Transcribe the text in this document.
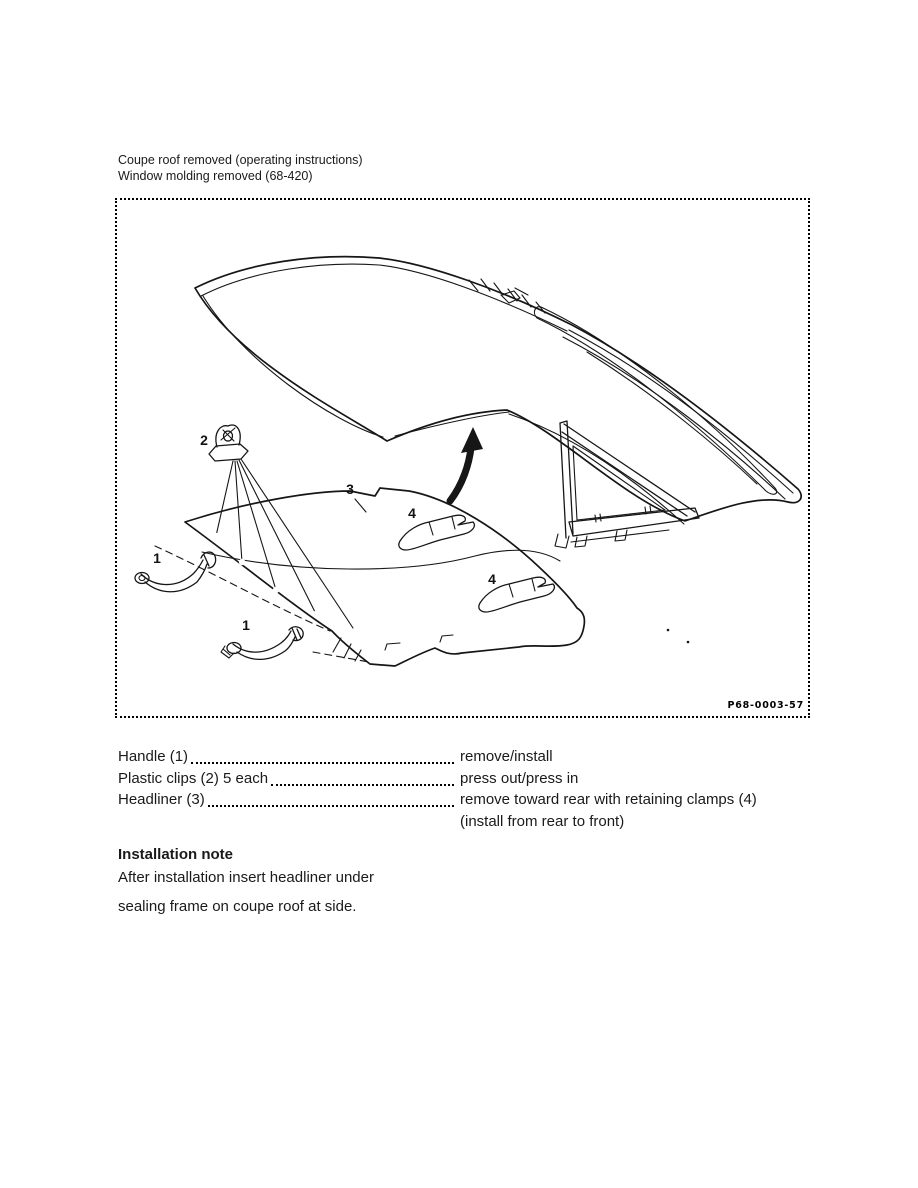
Coupe roof removed (operating instructions)
Window molding removed (68-420)
1
1
2
3
4
4
P68-0003-57
Handle (1)	remove/install
Plastic clips (2) 5 each	press out/press in
Headliner (3)	remove toward rear with retaining clamps (4)
(install from rear to front)
Installation note
After installation insert headliner under
sealing frame on coupe roof at side.
